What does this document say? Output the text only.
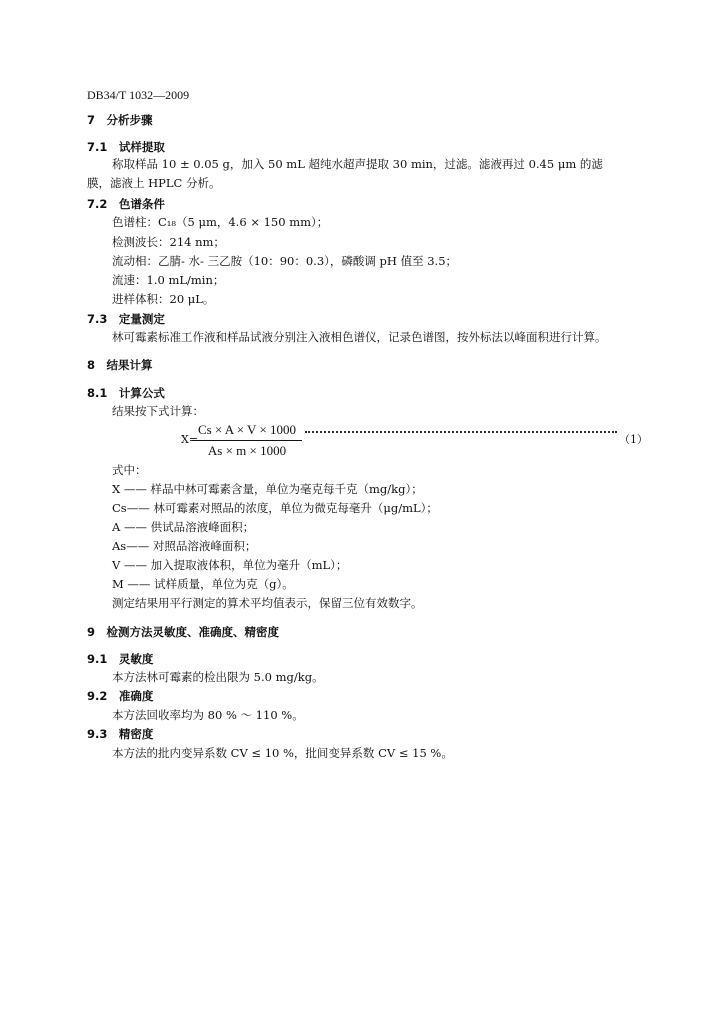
DB34/T 1032—2009
7　分析步骤
7.1　试样提取
称取样品 10 ± 0.05 g，加入 50 mL 超纯水超声提取 30 min，过滤。滤液再过 0.45 μm 的滤
膜，滤液上 HPLC 分析。
7.2　色谱条件
色谱柱：C₁₈（5 μm，4.6 × 150 mm）；
检测波长：214 nm；
流动相：乙腈- 水- 三乙胺（10：90：0.3），磷酸调 pH 值至 3.5；
流速：1.0 mL/min；
进样体积：20 μL。
7.3　定量测定
林可霉素标准工作液和样品试液分别注入液相色谱仪，记录色谱图，按外标法以峰面积进行计算。
8　结果计算
8.1　计算公式
结果按下式计算：
X=
Cs × A × V × 1000
As × m × 1000
（1）
式中：
X —— 样品中林可霉素含量，单位为毫克每千克（mg/kg）；
Cs—— 林可霉素对照品的浓度，单位为微克每毫升（μg/mL）；
A —— 供试品溶液峰面积；
As—— 对照品溶液峰面积；
V —— 加入提取液体积，单位为毫升（mL）；
M —— 试样质量，单位为克（g）。
测定结果用平行测定的算术平均值表示，保留三位有效数字。
9　检测方法灵敏度、准确度、精密度
9.1　灵敏度
本方法林可霉素的检出限为 5.0 mg/kg。
9.2　准确度
本方法回收率均为 80 % ～ 110 %。
9.3　精密度
本方法的批内变异系数 CV ≤ 10 %，批间变异系数 CV ≤ 15 %。
